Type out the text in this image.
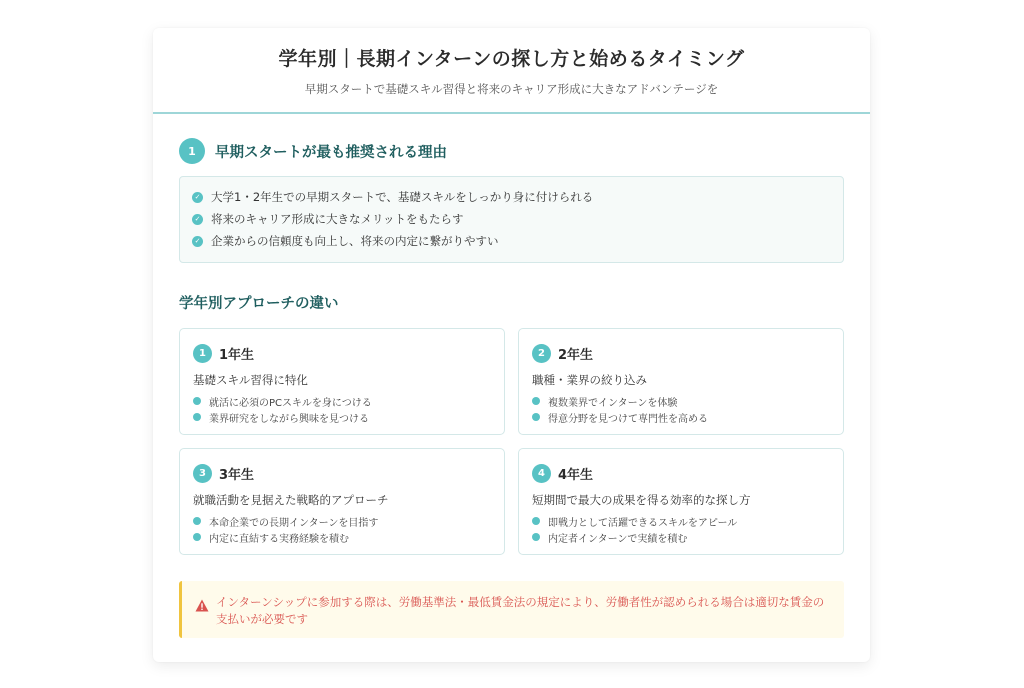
学年別｜長期インターンの探し方と始めるタイミング
早期スタートで基礎スキル習得と将来のキャリア形成に大きなアドバンテージを
1	早期スタートが最も推奨される理由
✓ 大学1・2年生での早期スタートで、基礎スキルをしっかり身に付けられる
✓ 将来のキャリア形成に大きなメリットをもたらす
✓ 企業からの信頼度も向上し、将来の内定に繋がりやすい
学年別アプローチの違い
1	1年生
基礎スキル習得に特化
就活に必須のPCスキルを身につける
業界研究をしながら興味を見つける
2	2年生
職種・業界の絞り込み
複数業界でインターンを体験
得意分野を見つけて専門性を高める
3	3年生
就職活動を見据えた戦略的アプローチ
本命企業での長期インターンを目指す
内定に直結する実務経験を積む
4	4年生
短期間で最大の成果を得る効率的な探し方
即戦力として活躍できるスキルをアピール
内定者インターンで実績を積む
インターンシップに参加する際は、労働基準法・最低賃金法の規定により、労働者性が認められる場合は適切な賃金の支払いが必要です
